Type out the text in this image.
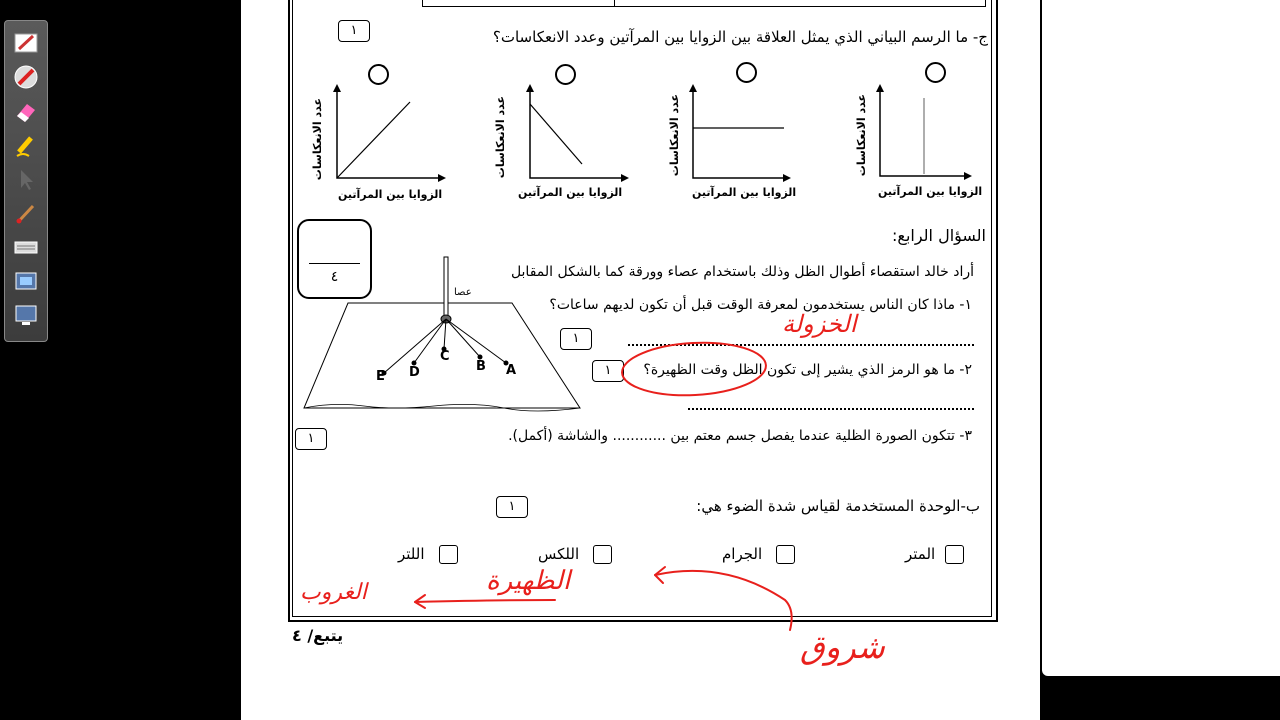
١	ج- ما الرسم البياني الذي يمثل العلاقة بين الزوايا بين المرآتين وعدد الانعكاسات؟
عدد الانعكاسات	عدد الانعكاسات	عدد الانعكاسات	عدد الانعكاسات
الزوايا بين المرآتين	الزوايا بين المرآتين	الزوايا بين المرآتين	الزوايا بين المرآتين
٤
السؤال الرابع:
أراد خالد استقصاء أطوال الظل وذلك باستخدام عصاء وورقة كما بالشكل المقابل
عصا
A
B
C
D
E
١- ماذا كان الناس يستخدمون لمعرفة الوقت قبل أن تكون لديهم ساعات؟
١
٢- ما هو الرمز الذي يشير إلى تكون الظل وقت الظهيرة؟
١
٣- تتكون الصورة الظلية عندما يفصل جسم معتم بين ............ والشاشة (أكمل).
١
١	ب-الوحدة المستخدمة لقياس شدة الضوء هي:
المتر
الجرام
اللكس
اللتر
يتبع/ ٤
الخزولة
الظهيرة
الغروب
شروق
